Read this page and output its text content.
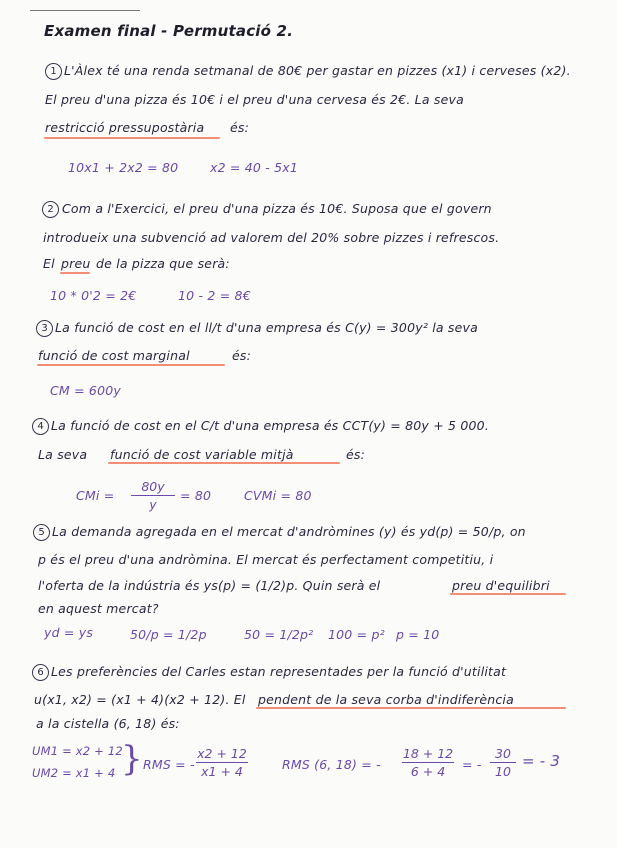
Examen final - Permutació 2.
1 L'Àlex té una renda setmanal de 80€ per gastar en pizzes (x1) i cerveses (x2).
El preu d'una pizza és 10€ i el preu d'una cervesa és 2€. La seva
restricció pressupostària és:
10x1 + 2x2 = 80	x2 = 40 - 5x1
2 Com a l'Exercici, el preu d'una pizza és 10€. Suposa que el govern
introdueix una subvenció ad valorem del 20% sobre pizzes i refrescos.
El preu de la pizza que serà:
10 * 0'2 = 2€	10 - 2 = 8€
3 La funció de cost en el ll/t d'una empresa és C(y) = 300y² la seva
funció de cost marginal	és:
CM = 600y
4 La funció de cost en el C/t d'una empresa és CCT(y) = 80y + 5 000.
La seva funció de cost variable mitjà	és:
CMi =
80y
y
= 80	CVMi = 80
5 La demanda agregada en el mercat d'andròmines (y) és yd(p) = 50/p, on
p és el preu d'una andròmina. El mercat és perfectament competitiu, i
l'oferta de la indústria és ys(p) = (1/2)p. Quin serà el	preu d'equilibri
en aquest mercat?
yd = ys	50/p = 1/2p	50 = 1/2p² 100 = p² p = 10
6 Les preferències del Carles estan representades per la funció d'utilitat
u(x1, x2) = (x1 + 4)(x2 + 12). El pendent de la seva corba d'indiferència
a la cistella (6, 18) és:
UM1 = x2 + 12
UM2 = x1 + 4 } RMS = -
x2 + 12
x1 + 4	RMS (6, 18) = -
18 + 12
6 + 4 = -
30
10
= - 3
